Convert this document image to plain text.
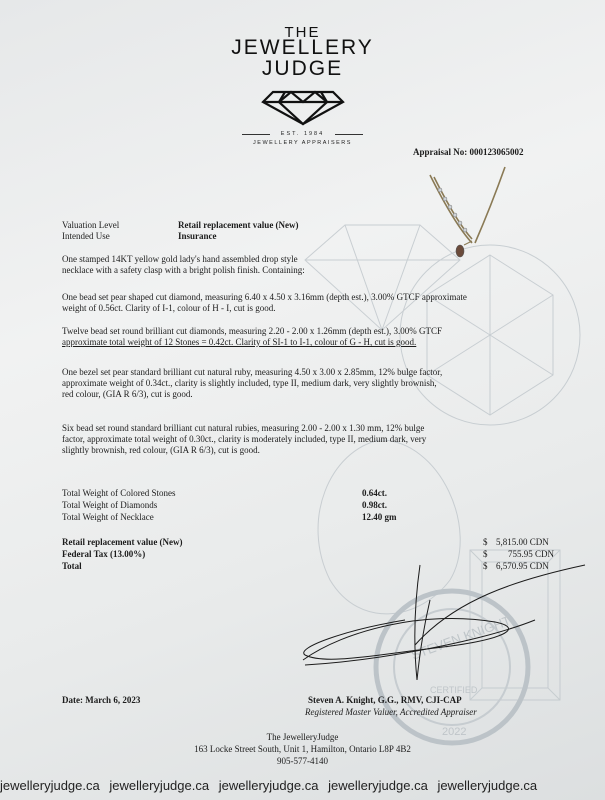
THE
JEWELLERY
JUDGE
EST. 1984
JEWELLERY APPRAISERS
Appraisal No: 000123065002
Valuation Level	Retail replacement value (New)
Intended Use	Insurance
One stamped 14KT yellow gold lady's hand assembled drop style
necklace with a safety clasp with a bright polish finish. Containing:
One bead set pear shaped cut diamond, measuring 6.40 x 4.50 x 3.16mm (depth est.), 3.00% GTCF approximate
weight of 0.56ct. Clarity of I-1, colour of H - I, cut is good.
Twelve bead set round brilliant cut diamonds, measuring 2.20 - 2.00 x 1.26mm (depth est.), 3.00% GTCF
approximate total weight of 12 Stones = 0.42ct. Clarity of SI-1 to I-1, colour of G - H, cut is good.
One bezel set pear standard brilliant cut natural ruby, measuring 4.50 x 3.00 x 2.85mm, 12% bulge factor,
approximate weight of 0.34ct., clarity is slightly included, type II, medium dark, very slightly brownish,
red colour, (GIA R 6/3), cut is good.
Six bead set round standard brilliant cut natural rubies, measuring 2.00 - 2.00 x 1.30 mm, 12% bulge
factor, approximate total weight of 0.30ct., clarity is moderately included, type II, medium dark, very
slightly brownish, red colour, (GIA R 6/3), cut is good.
Total Weight of Colored Stones	0.64ct.
Total Weight of Diamonds	0.98ct.
Total Weight of Necklace	12.40 gm
Retail replacement value (New)	$ 5,815.00 CDN
Federal Tax (13.00%)	$ 755.95 CDN
Total	$ 6,570.95 CDN
STEVEN KNIGHT
CERTIFIED
2022
Date: March 6, 2023	Steven A. Knight, G.G., RMV, CJI-CAP
Registered Master Valuer, Accredited Appraiser
The JewelleryJudge
163 Locke Street South, Unit 1, Hamilton, Ontario L8P 4B2
905-577-4140
jewelleryjudge.ca jewelleryjudge.ca jewelleryjudge.ca jewelleryjudge.ca jewelleryjudge.ca
